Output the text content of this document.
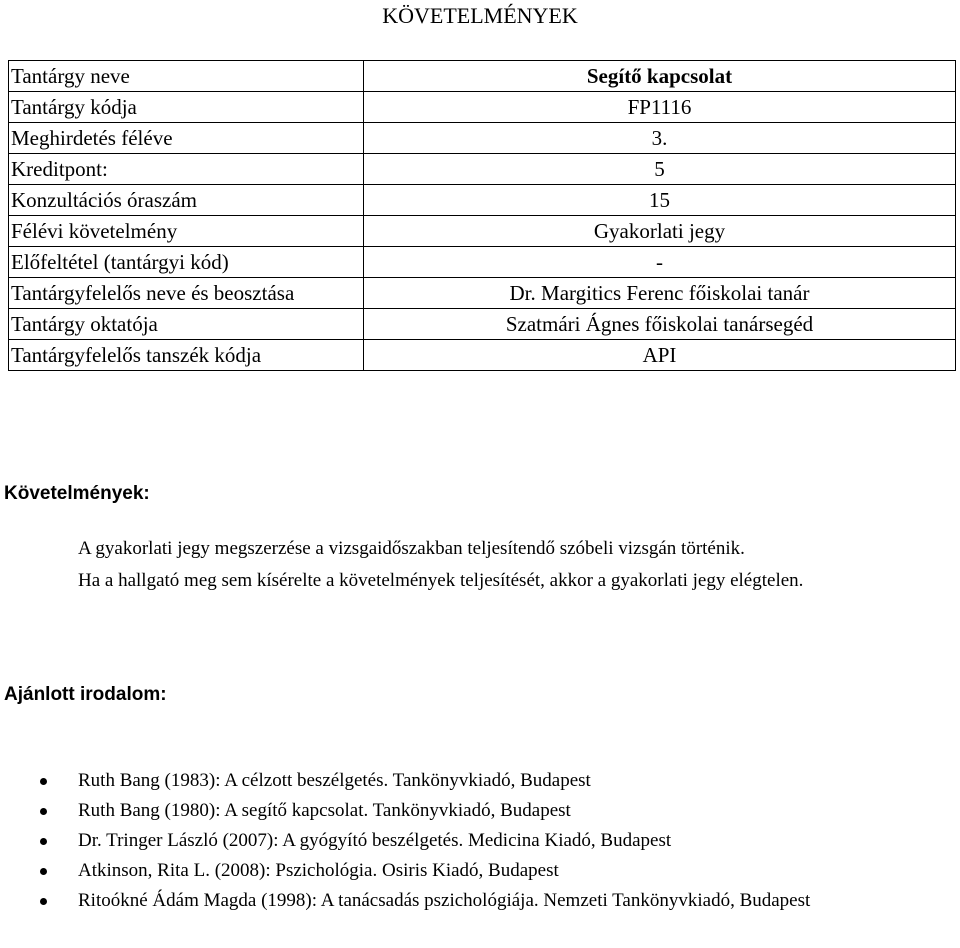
KÖVETELMÉNYEK
Tantárgy neve	Segítő kapcsolat
Tantárgy kódja	FP1116
Meghirdetés féléve	3.
Kreditpont:	5
Konzultációs óraszám	15
Félévi követelmény	Gyakorlati jegy
Előfeltétel (tantárgyi kód)	-
Tantárgyfelelős neve és beosztása	Dr. Margitics Ferenc főiskolai tanár
Tantárgy oktatója	Szatmári Ágnes főiskolai tanársegéd
Tantárgyfelelős tanszék kódja	API
Követelmények:

A gyakorlati jegy megszerzése a vizsgaidőszakban teljesítendő szóbeli vizsgán történik.

Ha a hallgató meg sem kísérelte a követelmények teljesítését, akkor a gyakorlati jegy elégtelen.

Ajánlott irodalom:
Ruth Bang (1983): A célzott beszélgetés. Tankönyvkiadó, Budapest
Ruth Bang (1980): A segítő kapcsolat. Tankönyvkiadó, Budapest
Dr. Tringer László (2007): A gyógyító beszélgetés. Medicina Kiadó, Budapest
Atkinson, Rita L. (2008): Pszichológia. Osiris Kiadó, Budapest
Ritoókné Ádám Magda (1998): A tanácsadás pszichológiája. Nemzeti Tankönyvkiadó, Budapest
